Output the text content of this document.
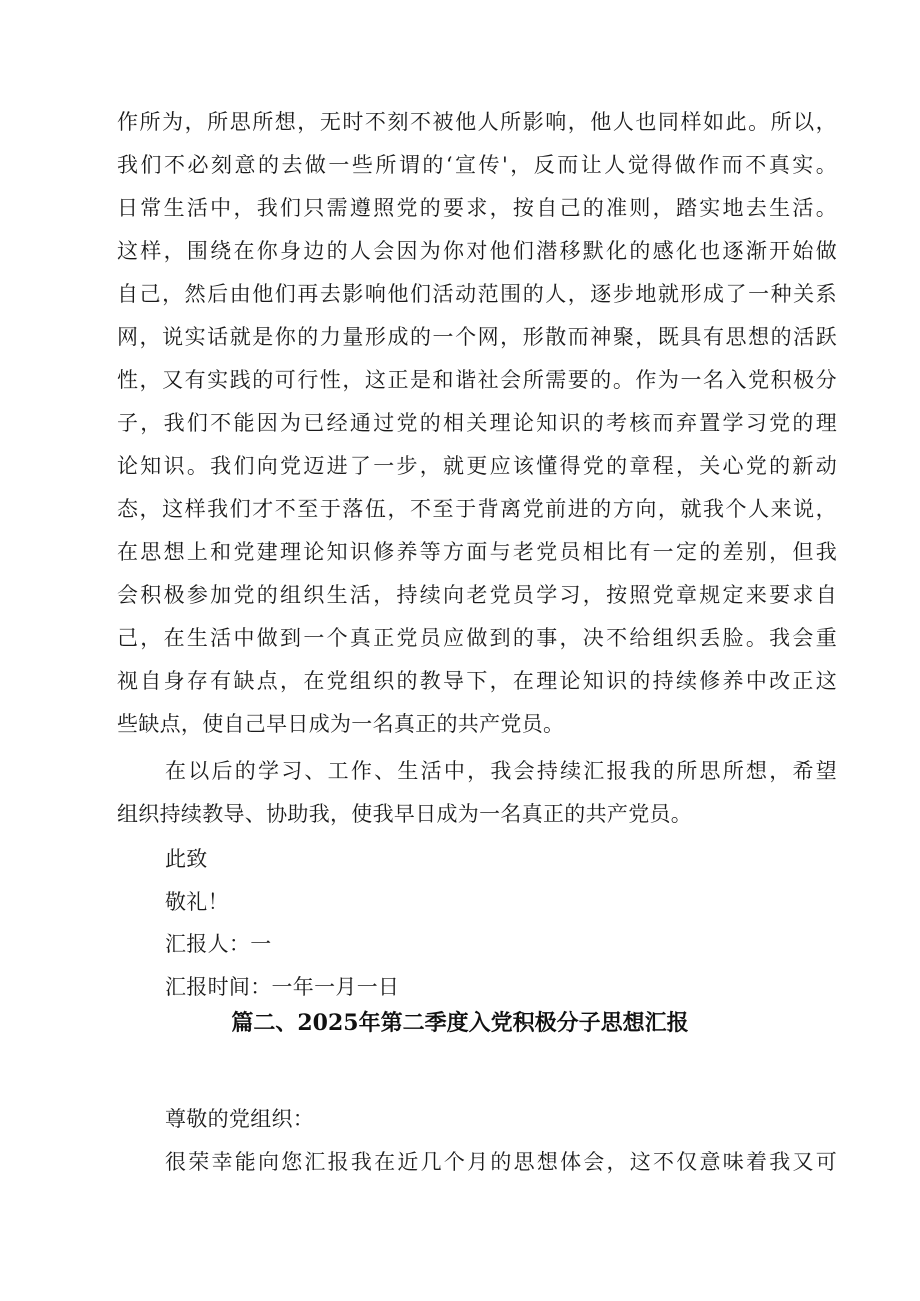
作所为，所思所想，无时不刻不被他人所影响，他人也同样如此。所以，
我们不必刻意的去做一些所谓的‘宣传'，反而让人觉得做作而不真实。
日常生活中，我们只需遵照党的要求，按自己的准则，踏实地去生活。
这样，围绕在你身边的人会因为你对他们潜移默化的感化也逐渐开始做
自己，然后由他们再去影响他们活动范围的人，逐步地就形成了一种关系
网，说实话就是你的力量形成的一个网，形散而神聚，既具有思想的活跃
性，又有实践的可行性，这正是和谐社会所需要的。作为一名入党积极分
子，我们不能因为已经通过党的相关理论知识的考核而弃置学习党的理
论知识。我们向党迈进了一步，就更应该懂得党的章程，关心党的新动
态，这样我们才不至于落伍，不至于背离党前进的方向，就我个人来说，
在思想上和党建理论知识修养等方面与老党员相比有一定的差别，但我
会积极参加党的组织生活，持续向老党员学习，按照党章规定来要求自
己，在生活中做到一个真正党员应做到的事，决不给组织丢脸。我会重
视自身存有缺点，在党组织的教导下，在理论知识的持续修养中改正这
些缺点，使自己早日成为一名真正的共产党员。
在以后的学习、工作、生活中，我会持续汇报我的所思所想，希望
组织持续教导、协助我，使我早日成为一名真正的共产党员。
此致
敬礼！
汇报人：一
汇报时间：一年一月一日
篇二、2025年第二季度入党积极分子思想汇报
尊敬的党组织：
很荣幸能向您汇报我在近几个月的思想体会，这不仅意味着我又可
